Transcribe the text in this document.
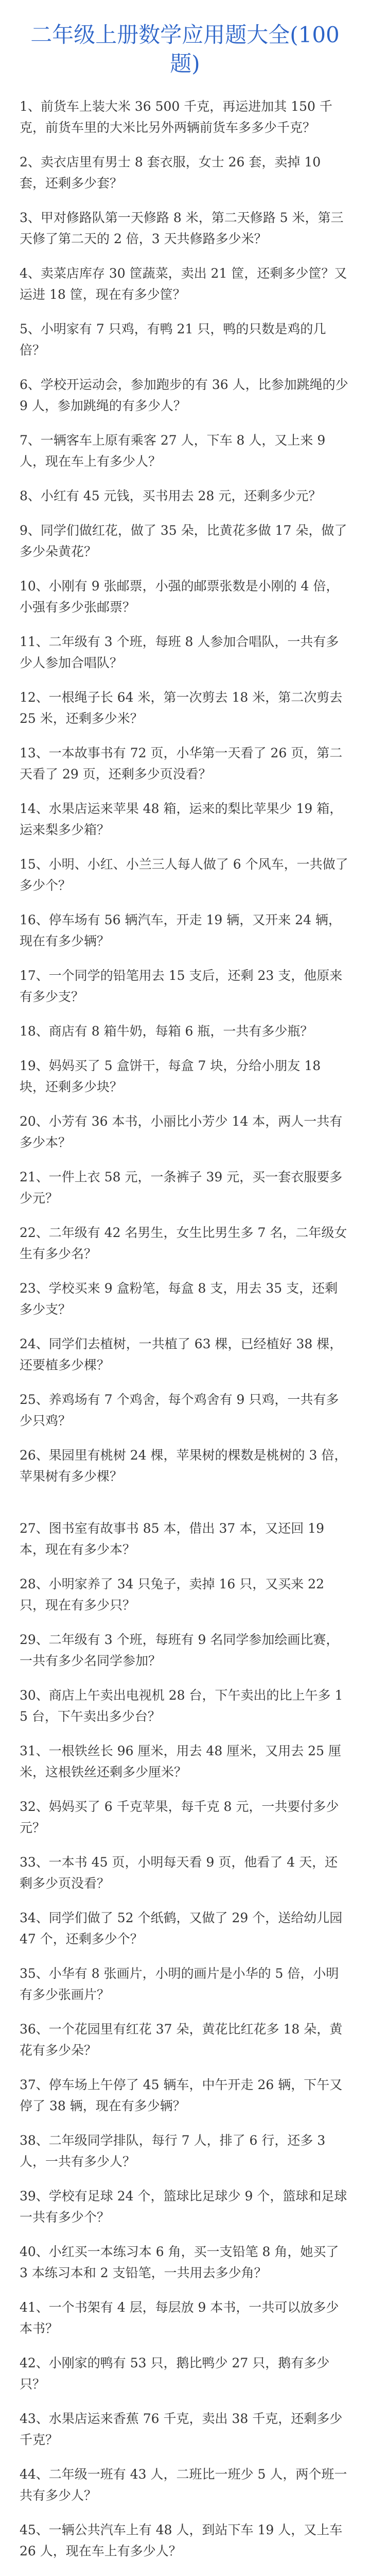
二年级上册数学应用题大全(100 题)

1、前货车上装大米 36 500 千克，再运进加其 150 千克，前货车里的大米比另外两辆前货车多多少千克？

2、卖衣店里有男士 8 套衣服，女士 26 套，卖掉 10 套，还剩多少套？

3、甲对修路队第一天修路 8 米，第二天修路 5 米，第三天修了第二天的 2 倍，3 天共修路多少米？

4、卖菜店库存 30 筐蔬菜，卖出 21 筐，还剩多少筐？又运进 18 筐，现在有多少筐？

5、小明家有 7 只鸡，有鸭 21 只，鸭的只数是鸡的几倍？

6、学校开运动会，参加跑步的有 36 人，比参加跳绳的少 9 人，参加跳绳的有多少人？

7、一辆客车上原有乘客 27 人，下车 8 人，又上来 9 人，现在车上有多少人？

8、小红有 45 元钱，买书用去 28 元，还剩多少元？

9、同学们做红花，做了 35 朵，比黄花多做 17 朵，做了多少朵黄花？

10、小刚有 9 张邮票，小强的邮票张数是小刚的 4 倍，小强有多少张邮票？

11、二年级有 3 个班，每班 8 人参加合唱队，一共有多少人参加合唱队？

12、一根绳子长 64 米，第一次剪去 18 米，第二次剪去 25 米，还剩多少米？

13、一本故事书有 72 页，小华第一天看了 26 页，第二天看了 29 页，还剩多少页没看？

14、水果店运来苹果 48 箱，运来的梨比苹果少 19 箱，运来梨多少箱？

15、小明、小红、小兰三人每人做了 6 个风车，一共做了多少个？

16、停车场有 56 辆汽车，开走 19 辆，又开来 24 辆，现在有多少辆？

17、一个同学的铅笔用去 15 支后，还剩 23 支，他原来有多少支？

18、商店有 8 箱牛奶，每箱 6 瓶，一共有多少瓶？

19、妈妈买了 5 盒饼干，每盒 7 块，分给小朋友 18 块，还剩多少块？

20、小芳有 36 本书，小丽比小芳少 14 本，两人一共有多少本？

21、一件上衣 58 元，一条裤子 39 元，买一套衣服要多少元？

22、二年级有 42 名男生，女生比男生多 7 名，二年级女生有多少名？

23、学校买来 9 盒粉笔，每盒 8 支，用去 35 支，还剩多少支？

24、同学们去植树，一共植了 63 棵，已经植好 38 棵，还要植多少棵？

25、养鸡场有 7 个鸡舍，每个鸡舍有 9 只鸡，一共有多少只鸡？

26、果园里有桃树 24 棵，苹果树的棵数是桃树的 3 倍，苹果树有多少棵？

27、图书室有故事书 85 本，借出 37 本，又还回 19 本，现在有多少本？

28、小明家养了 34 只兔子，卖掉 16 只，又买来 22 只，现在有多少只？

29、二年级有 3 个班，每班有 9 名同学参加绘画比赛，一共有多少名同学参加？

30、商店上午卖出电视机 28 台，下午卖出的比上午多 15 台，下午卖出多少台？

31、一根铁丝长 96 厘米，用去 48 厘米，又用去 25 厘米，这根铁丝还剩多少厘米？

32、妈妈买了 6 千克苹果，每千克 8 元，一共要付多少元？

33、一本书 45 页，小明每天看 9 页，他看了 4 天，还剩多少页没看？

34、同学们做了 52 个纸鹤，又做了 29 个，送给幼儿园 47 个，还剩多少个？

35、小华有 8 张画片，小明的画片是小华的 5 倍，小明有多少张画片？

36、一个花园里有红花 37 朵，黄花比红花多 18 朵，黄花有多少朵？

37、停车场上午停了 45 辆车，中午开走 26 辆，下午又停了 38 辆，现在有多少辆？

38、二年级同学排队，每行 7 人，排了 6 行，还多 3 人，一共有多少人？

39、学校有足球 24 个，篮球比足球少 9 个，篮球和足球一共有多少个？

40、小红买一本练习本 6 角，买一支铅笔 8 角，她买了 3 本练习本和 2 支铅笔，一共用去多少角？

41、一个书架有 4 层，每层放 9 本书，一共可以放多少本书？

42、小刚家的鸭有 53 只，鹅比鸭少 27 只，鹅有多少只？

43、水果店运来香蕉 76 千克，卖出 38 千克，还剩多少千克？

44、二年级一班有 43 人，二班比一班少 5 人，两个班一共有多少人？

45、一辆公共汽车上有 48 人，到站下车 19 人，又上车 26 人，现在车上有多少人？
